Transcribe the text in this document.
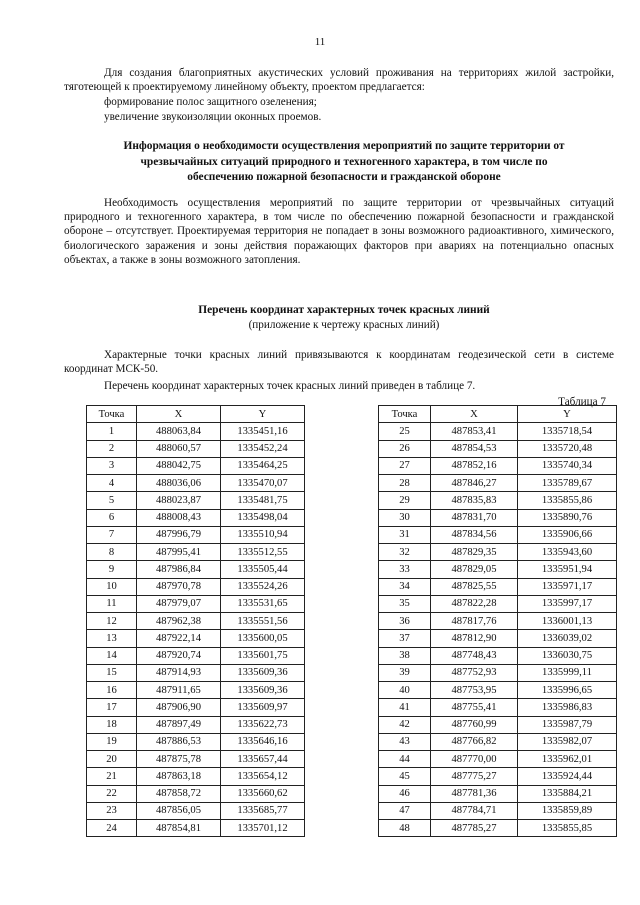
11

Для создания благоприятных акустических условий проживания на территориях жилой застройки, тяготеющей к проектируемому линейному объекту, проектом предлагается:

формирование полос защитного озеленения;
увеличение звукоизоляции оконных проемов.
Информация о необходимости осуществления мероприятий по защите территории от
чрезвычайных ситуаций природного и техногенного характера, в том числе по
обеспечению пожарной безопасности и гражданской обороне

Необходимость осуществления мероприятий по защите территории от чрезвычайных ситуаций природного и техногенного характера, в том числе по обеспечению пожарной безопасности и гражданской обороне – отсутствует. Проектируемая территория не попадает в зоны возможного радиоактивного, химического, биологического заражения и зоны действия поражающих факторов при авариях на потенциально опасных объектах, а также в зоны возможного затопления.

Перечень координат характерных точек красных линий
(приложение к чертежу красных линий)

Характерные точки красных линий привязываются к координатам геодезической сети в системе координат МСК-50.

Перечень координат характерных точек красных линий приведен в таблице 7.
Таблица 7
Точка	X	Y
1	488063,84	1335451,16
2	488060,57	1335452,24
3	488042,75	1335464,25
4	488036,06	1335470,07
5	488023,87	1335481,75
6	488008,43	1335498,04
7	487996,79	1335510,94
8	487995,41	1335512,55
9	487986,84	1335505,44
10	487970,78	1335524,26
11	487979,07	1335531,65
12	487962,38	1335551,56
13	487922,14	1335600,05
14	487920,74	1335601,75
15	487914,93	1335609,36
16	487911,65	1335609,36
17	487906,90	1335609,97
18	487897,49	1335622,73
19	487886,53	1335646,16
20	487875,78	1335657,44
21	487863,18	1335654,12
22	487858,72	1335660,62
23	487856,05	1335685,77
24	487854,81	1335701,12
Точка	X	Y
25	487853,41	1335718,54
26	487854,53	1335720,48
27	487852,16	1335740,34
28	487846,27	1335789,67
29	487835,83	1335855,86
30	487831,70	1335890,76
31	487834,56	1335906,66
32	487829,35	1335943,60
33	487829,05	1335951,94
34	487825,55	1335971,17
35	487822,28	1335997,17
36	487817,76	1336001,13
37	487812,90	1336039,02
38	487748,43	1336030,75
39	487752,93	1335999,11
40	487753,95	1335996,65
41	487755,41	1335986,83
42	487760,99	1335987,79
43	487766,82	1335982,07
44	487770,00	1335962,01
45	487775,27	1335924,44
46	487781,36	1335884,21
47	487784,71	1335859,89
48	487785,27	1335855,85
